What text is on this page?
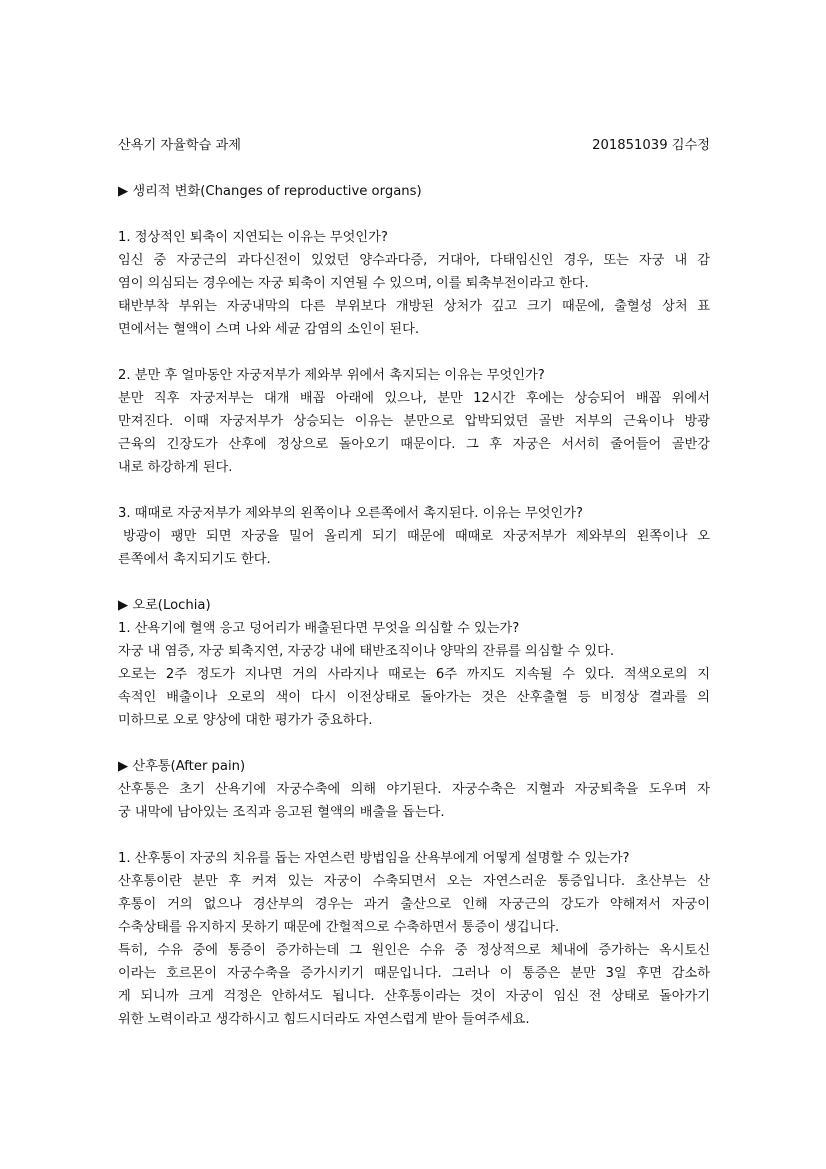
산욕기 자율학습 과제	201851039 김수정
▶ 생리적 변화(Changes of reproductive organs)
1. 정상적인 퇴축이 지연되는 이유는 무엇인가?
임신 중 자궁근의 과다신전이 있었던 양수과다증, 거대아, 다태임신인 경우, 또는 자궁 내 감
염이 의심되는 경우에는 자궁 퇴축이 지연될 수 있으며, 이를 퇴축부전이라고 한다.
태반부착 부위는 자궁내막의 다른 부위보다 개방된 상처가 깊고 크기 때문에, 출혈성 상처 표
면에서는 혈액이 스며 나와 세균 감염의 소인이 된다.
2. 분만 후 얼마동안 자궁저부가 제와부 위에서 촉지되는 이유는 무엇인가?
분만 직후 자궁저부는 대개 배꼽 아래에 있으나, 분만 12시간 후에는 상승되어 배꼽 위에서
만져진다. 이때 자궁저부가 상승되는 이유는 분만으로 압박되었던 골반 저부의 근육이나 방광
근육의 긴장도가 산후에 정상으로 돌아오기 때문이다. 그 후 자궁은 서서히 줄어들어 골반강
내로 하강하게 된다.
3. 때때로 자궁저부가 제와부의 왼쪽이나 오른쪽에서 촉지된다. 이유는 무엇인가?
방광이 팽만 되면 자궁을 밀어 올리게 되기 때문에 때때로 자궁저부가 제와부의 왼쪽이나 오
른쪽에서 촉지되기도 한다.
▶ 오로(Lochia)
1. 산욕기에 혈액 응고 덩어리가 배출된다면 무엇을 의심할 수 있는가?
자궁 내 염증, 자궁 퇴축지연, 자궁강 내에 태반조직이나 양막의 잔류를 의심할 수 있다.
오로는 2주 정도가 지나면 거의 사라지나 때로는 6주 까지도 지속될 수 있다. 적색오로의 지
속적인 배출이나 오로의 색이 다시 이전상태로 돌아가는 것은 산후출혈 등 비정상 결과를 의
미하므로 오로 양상에 대한 평가가 중요하다.
▶ 산후통(After pain)
산후통은 초기 산욕기에 자궁수축에 의해 야기된다. 자궁수축은 지혈과 자궁퇴축을 도우며 자
궁 내막에 남아있는 조직과 응고된 혈액의 배출을 돕는다.
1. 산후통이 자궁의 치유를 돕는 자연스런 방법임을 산욕부에게 어떻게 설명할 수 있는가?
산후통이란 분만 후 커져 있는 자궁이 수축되면서 오는 자연스러운 통증입니다. 초산부는 산
후통이 거의 없으나 경산부의 경우는 과거 출산으로 인해 자궁근의 강도가 약해져서 자궁이
수축상태를 유지하지 못하기 때문에 간헐적으로 수축하면서 통증이 생깁니다.
특히, 수유 중에 통증이 증가하는데 그 원인은 수유 중 정상적으로 체내에 증가하는 옥시토신
이라는 호르몬이 자궁수축을 증가시키기 때문입니다. 그러나 이 통증은 분만 3일 후면 감소하
게 되니까 크게 걱정은 안하셔도 됩니다. 산후통이라는 것이 자궁이 임신 전 상태로 돌아가기
위한 노력이라고 생각하시고 힘드시더라도 자연스럽게 받아 들여주세요.
